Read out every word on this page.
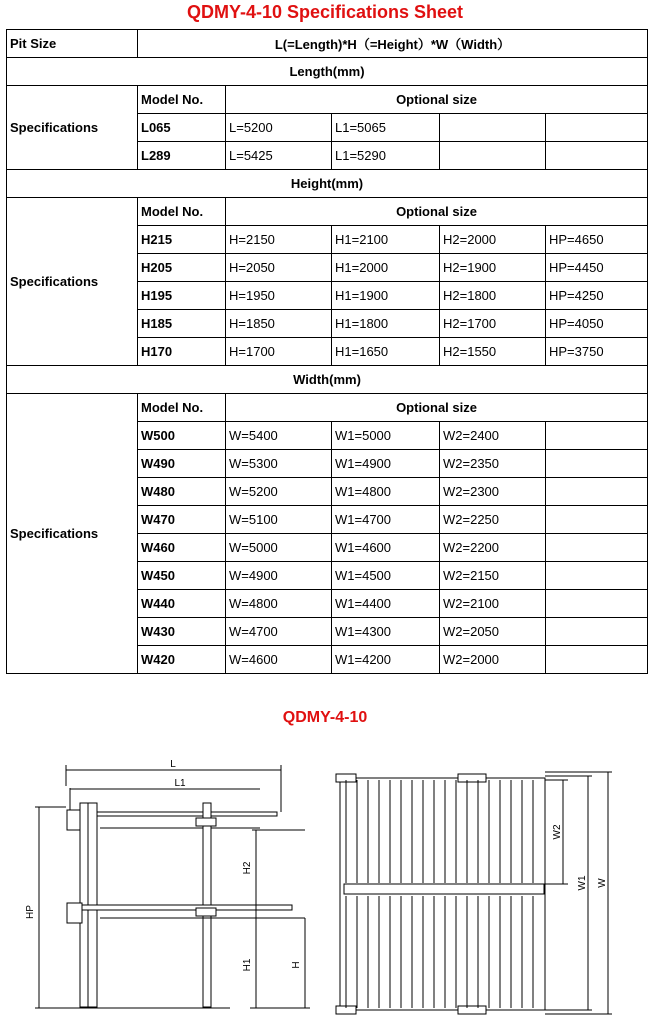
QDMY-4-10 Specifications Sheet
Pit Size	L(=Length)*H（=Height）*W（Width）				
Length(mm)					
Specifications	Model No.	Optional size			
	L065	L=5200	L1=5065		
	L289	L=5425	L1=5290		
Height(mm)					
Specifications	Model No.	Optional size			
	H215	H=2150	H1=2100	H2=2000	HP=4650
	H205	H=2050	H1=2000	H2=1900	HP=4450
	H195	H=1950	H1=1900	H2=1800	HP=4250
	H185	H=1850	H1=1800	H2=1700	HP=4050
	H170	H=1700	H1=1650	H2=1550	HP=3750
Width(mm)					
Specifications	Model No.	Optional size			
	W500	W=5400	W1=5000	W2=2400	
	W490	W=5300	W1=4900	W2=2350	
	W480	W=5200	W1=4800	W2=2300	
	W470	W=5100	W1=4700	W2=2250	
	W460	W=5000	W1=4600	W2=2200	
	W450	W=4900	W1=4500	W2=2150	
	W440	W=4800	W1=4400	W2=2100	
	W430	W=4700	W1=4300	W2=2050	
	W420	W=4600	W1=4200	W2=2000	
QDMY-4-10
L
L1
HP
H2
H1	H
W2
W1 W
